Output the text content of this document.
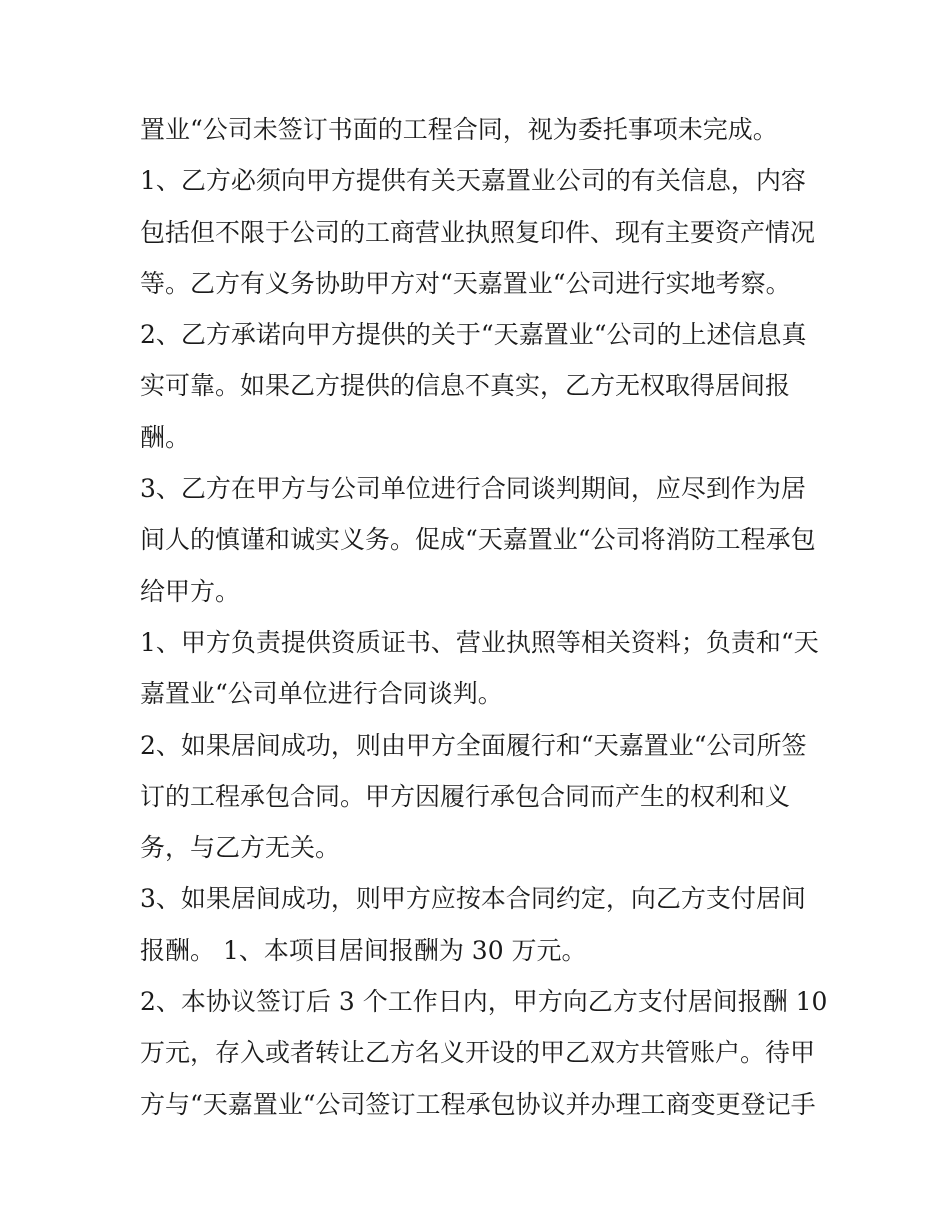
置业“公司未签订书面的工程合同，视为委托事项未完成。
1、乙方必须向甲方提供有关天嘉置业公司的有关信息，内容
包括但不限于公司的工商营业执照复印件、现有主要资产情况
等。乙方有义务协助甲方对“天嘉置业“公司进行实地考察。
2、乙方承诺向甲方提供的关于“天嘉置业“公司的上述信息真
实可靠。如果乙方提供的信息不真实，乙方无权取得居间报
酬。
3、乙方在甲方与公司单位进行合同谈判期间，应尽到作为居
间人的慎谨和诚实义务。促成“天嘉置业“公司将消防工程承包
给甲方。
1、甲方负责提供资质证书、营业执照等相关资料；负责和“天
嘉置业“公司单位进行合同谈判。
2、如果居间成功，则由甲方全面履行和“天嘉置业“公司所签
订的工程承包合同。甲方因履行承包合同而产生的权利和义
务，与乙方无关。
3、如果居间成功，则甲方应按本合同约定，向乙方支付居间
报酬。 1、本项目居间报酬为 30 万元。
2、本协议签订后 3 个工作日内，甲方向乙方支付居间报酬 10
万元，存入或者转让乙方名义开设的甲乙双方共管账户。待甲
方与“天嘉置业“公司签订工程承包协议并办理工商变更登记手
